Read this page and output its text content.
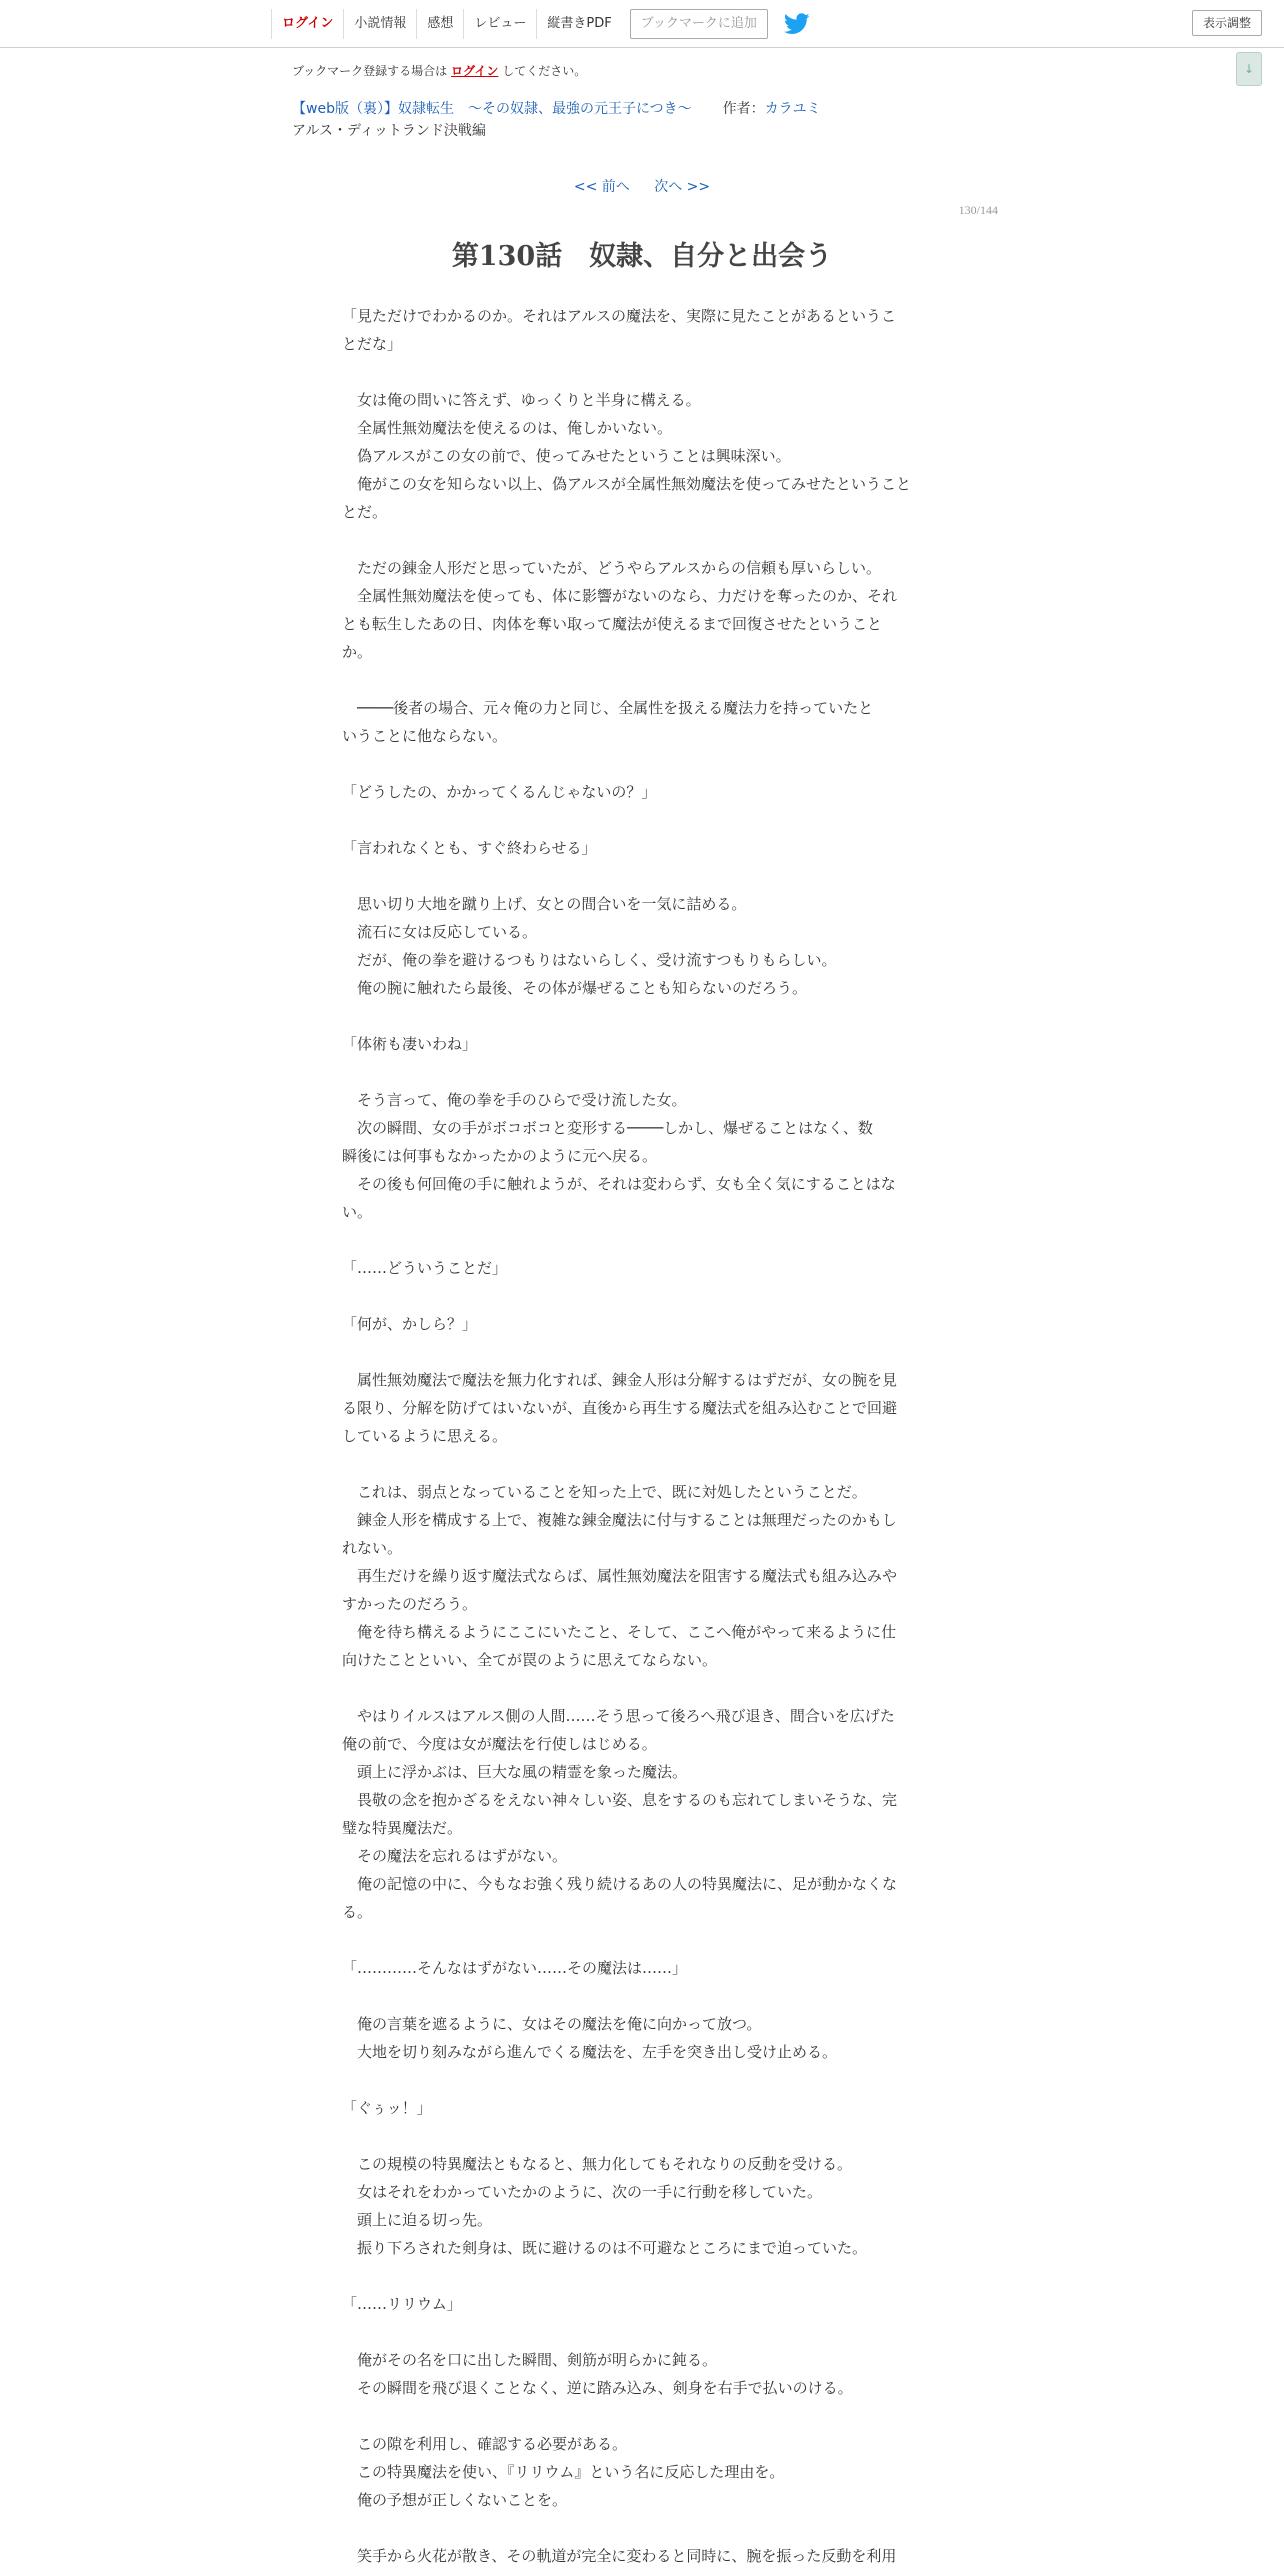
ログイン	小説情報	感想	レビュー	縦書きPDF	ブックマークに追加	表示調整
↓
ブックマーク登録する場合は ログイン してください。
【web版（裏）】奴隷転生　～その奴隷、最強の元王子につき～ 作者：カラユミ
アルス・ディットランド決戦編
<< 前へ 次へ >>
130/144
第130話　奴隷、自分と出会う

「見ただけでわかるのか。それはアルスの魔法を、実際に見たことがあるというこ

とだな」

　女は俺の問いに答えず、ゆっくりと半身に構える。

　全属性無効魔法を使えるのは、俺しかいない。

　偽アルスがこの女の前で、使ってみせたということは興味深い。

　俺がこの女を知らない以上、偽アルスが全属性無効魔法を使ってみせたということ

とだ。

　ただの錬金人形だと思っていたが、どうやらアルスからの信頼も厚いらしい。

　全属性無効魔法を使っても、体に影響がないのなら、力だけを奪ったのか、それ

とも転生したあの日、肉体を奪い取って魔法が使えるまで回復させたということ

か。

　────後者の場合、元々俺の力と同じ、全属性を扱える魔法力を持っていたと

いうことに他ならない。

「どうしたの、かかってくるんじゃないの？」

「言われなくとも、すぐ終わらせる」

　思い切り大地を蹴り上げ、女との間合いを一気に詰める。

　流石に女は反応している。

　だが、俺の拳を避けるつもりはないらしく、受け流すつもりもらしい。

　俺の腕に触れたら最後、その体が爆ぜることも知らないのだろう。

「体術も凄いわね」

　そう言って、俺の拳を手のひらで受け流した女。

　次の瞬間、女の手がボコボコと変形する────しかし、爆ぜることはなく、数

瞬後には何事もなかったかのように元へ戻る。

　その後も何回俺の手に触れようが、それは変わらず、女も全く気にすることはな

い。

「……どういうことだ」

「何が、かしら？」

　属性無効魔法で魔法を無力化すれば、錬金人形は分解するはずだが、女の腕を見

る限り、分解を防げてはいないが、直後から再生する魔法式を組み込むことで回避

しているように思える。

　これは、弱点となっていることを知った上で、既に対処したということだ。

　錬金人形を構成する上で、複雑な錬金魔法に付与することは無理だったのかもし

れない。

　再生だけを繰り返す魔法式ならば、属性無効魔法を阻害する魔法式も組み込みや

すかったのだろう。

　俺を待ち構えるようにここにいたこと、そして、ここへ俺がやって来るように仕

向けたことといい、全てが罠のように思えてならない。

　やはりイルスはアルス側の人間……そう思って後ろへ飛び退き、間合いを広げた

俺の前で、今度は女が魔法を行使しはじめる。

　頭上に浮かぶは、巨大な風の精霊を象った魔法。

　畏敬の念を抱かざるをえない神々しい姿、息をするのも忘れてしまいそうな、完

璧な特異魔法だ。

　その魔法を忘れるはずがない。

　俺の記憶の中に、今もなお強く残り続けるあの人の特異魔法に、足が動かなくな

る。

「…………そんなはずがない……その魔法は……」

　俺の言葉を遮るように、女はその魔法を俺に向かって放つ。

　大地を切り刻みながら進んでくる魔法を、左手を突き出し受け止める。

「ぐぅッ！」

　この規模の特異魔法ともなると、無力化してもそれなりの反動を受ける。

　女はそれをわかっていたかのように、次の一手に行動を移していた。

　頭上に迫る切っ先。

　振り下ろされた剣身は、既に避けるのは不可避なところにまで迫っていた。

「……リリウム」

　俺がその名を口に出した瞬間、剣筋が明らかに鈍る。

　その瞬間を飛び退くことなく、逆に踏み込み、剣身を右手で払いのける。

　この隙を利用し、確認する必要がある。

　この特異魔法を使い、『リリウム』という名に反応した理由を。

　俺の予想が正しくないことを。

　笑手から火花が散き、その軌道が完全に変わると同時に、腕を振った反動を利用
